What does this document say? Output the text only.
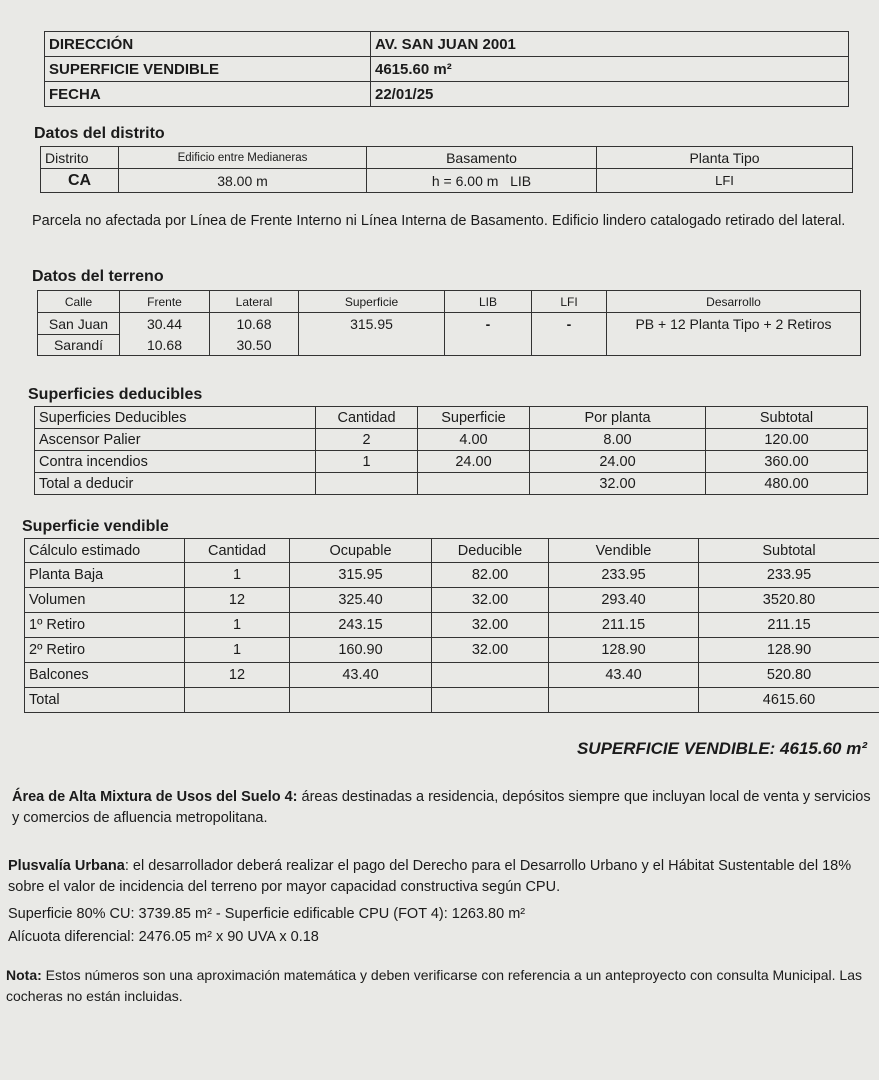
DIRECCIÓN	AV. SAN JUAN 2001
SUPERFICIE VENDIBLE	4615.60 m²
FECHA	22/01/25
Datos del distrito
Distrito	Edificio entre Medianeras	Basamento	Planta Tipo
CA	38.00 m	h = 6.00 m   LIB	LFI
Parcela no afectada por Línea de Frente Interno ni Línea Interna de Basamento. Edificio lindero catalogado retirado del lateral.
Datos del terreno
Calle	Frente	Lateral	Superficie	LIB	LFI	Desarrollo
San Juan	30.44	10.68	315.95	-	-	PB + 12 Planta Tipo + 2 Retiros
Sarandí	10.68	30.50				
Superficies deducibles
Superficies Deducibles	Cantidad	Superficie	Por planta	Subtotal
Ascensor Palier	2	4.00	8.00	120.00
Contra incendios	1	24.00	24.00	360.00
Total a deducir			32.00	480.00
Superficie vendible
Cálculo estimado	Cantidad	Ocupable	Deducible	Vendible	Subtotal
Planta Baja	1	315.95	82.00	233.95	233.95
Volumen	12	325.40	32.00	293.40	3520.80
1º Retiro	1	243.15	32.00	211.15	211.15
2º Retiro	1	160.90	32.00	128.90	128.90
Balcones	12	43.40		43.40	520.80
Total					4615.60
SUPERFICIE VENDIBLE: 4615.60 m²
Área de Alta Mixtura de Usos del Suelo 4: áreas destinadas a residencia, depósitos siempre que incluyan local de venta y servicios y comercios de afluencia metropolitana.
Plusvalía Urbana: el desarrollador deberá realizar el pago del Derecho para el Desarrollo Urbano y el Hábitat Sustentable del 18% sobre el valor de incidencia del terreno por mayor capacidad constructiva según CPU.
Superficie 80% CU: 3739.85 m² - Superficie edificable CPU (FOT 4): 1263.80 m²
Alícuota diferencial: 2476.05 m² x 90 UVA x 0.18
Nota: Estos números son una aproximación matemática y deben verificarse con referencia a un anteproyecto con consulta Municipal. Las cocheras no están incluidas.
